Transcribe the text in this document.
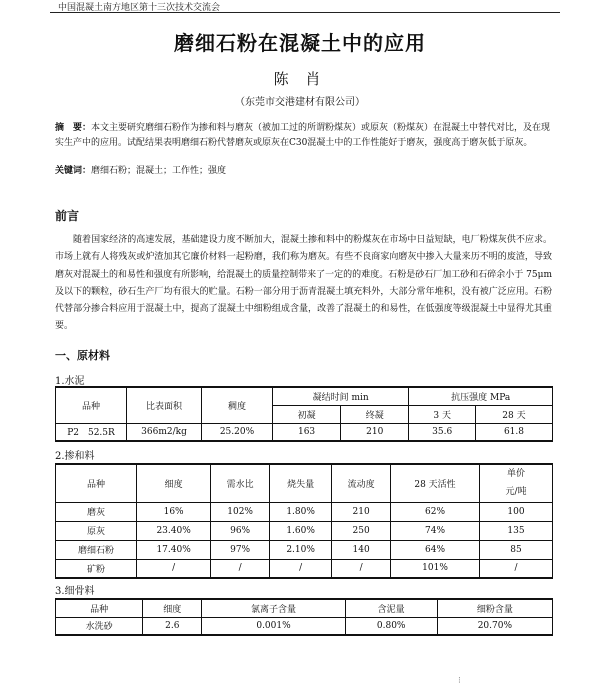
中国混凝土南方地区第十三次技术交流会
磨细石粉在混凝土中的应用
陈 肖
（东莞市交港建材有限公司）
摘　要：本文主要研究磨细石粉作为掺和料与磨灰（被加工过的所谓粉煤灰）或原灰（粉煤灰）在混凝土中替代对比，及在现实生产中的应用。试配结果表明磨细石粉代替磨灰或原灰在C30混凝土中的工作性能好于磨灰，强度高于磨灰低于原灰。
关键词：磨细石粉；混凝土；工作性；强度
前言
随着国家经济的高速发展，基础建设力度不断加大，混凝土掺和料中的粉煤灰在市场中日益短缺，电厂粉煤灰供不应求。市场上就有人将残灰或炉渣加其它廉价材料一起粉磨，我们称为磨灰。有些不良商家向磨灰中掺入大量来历不明的废渣，导致磨灰对混凝土的和易性和强度有所影响，给混凝土的质量控制带来了一定的的难度。石粉是砂石厂加工砂和石碎余小于 75μm 及以下的颗粒，砂石生产厂均有很大的贮量。石粉一部分用于沥青混凝土填充料外，大部分常年堆积，没有被广泛应用。石粉代替部分掺合料应用于混凝土中，提高了混凝土中细粉组成含量，改善了混凝土的和易性，在低强度等级混凝土中显得尤其重要。
一、原材料
1.水泥
品种	比表面积	稠度	凝结时间 min		抗压强度 MPa	
			初凝	终凝	3 天	28 天
P2　52.5R	366m2/kg	25.20%	163	210	35.6	61.8
2.掺和料
品种	细度	需水比	烧失量	流动度	28 天活性	单价
元/吨
磨灰	16%	102%	1.80%	210	62%	100
原灰	23.40%	96%	1.60%	250	74%	135
磨细石粉	17.40%	97%	2.10%	140	64%	85
矿粉	/	/	/	/	101%	/
3.细骨料
品种	细度	氯离子含量	含泥量	细粉含量
水洗砂	2.6	0.001%	0.80%	20.70%
⁝
